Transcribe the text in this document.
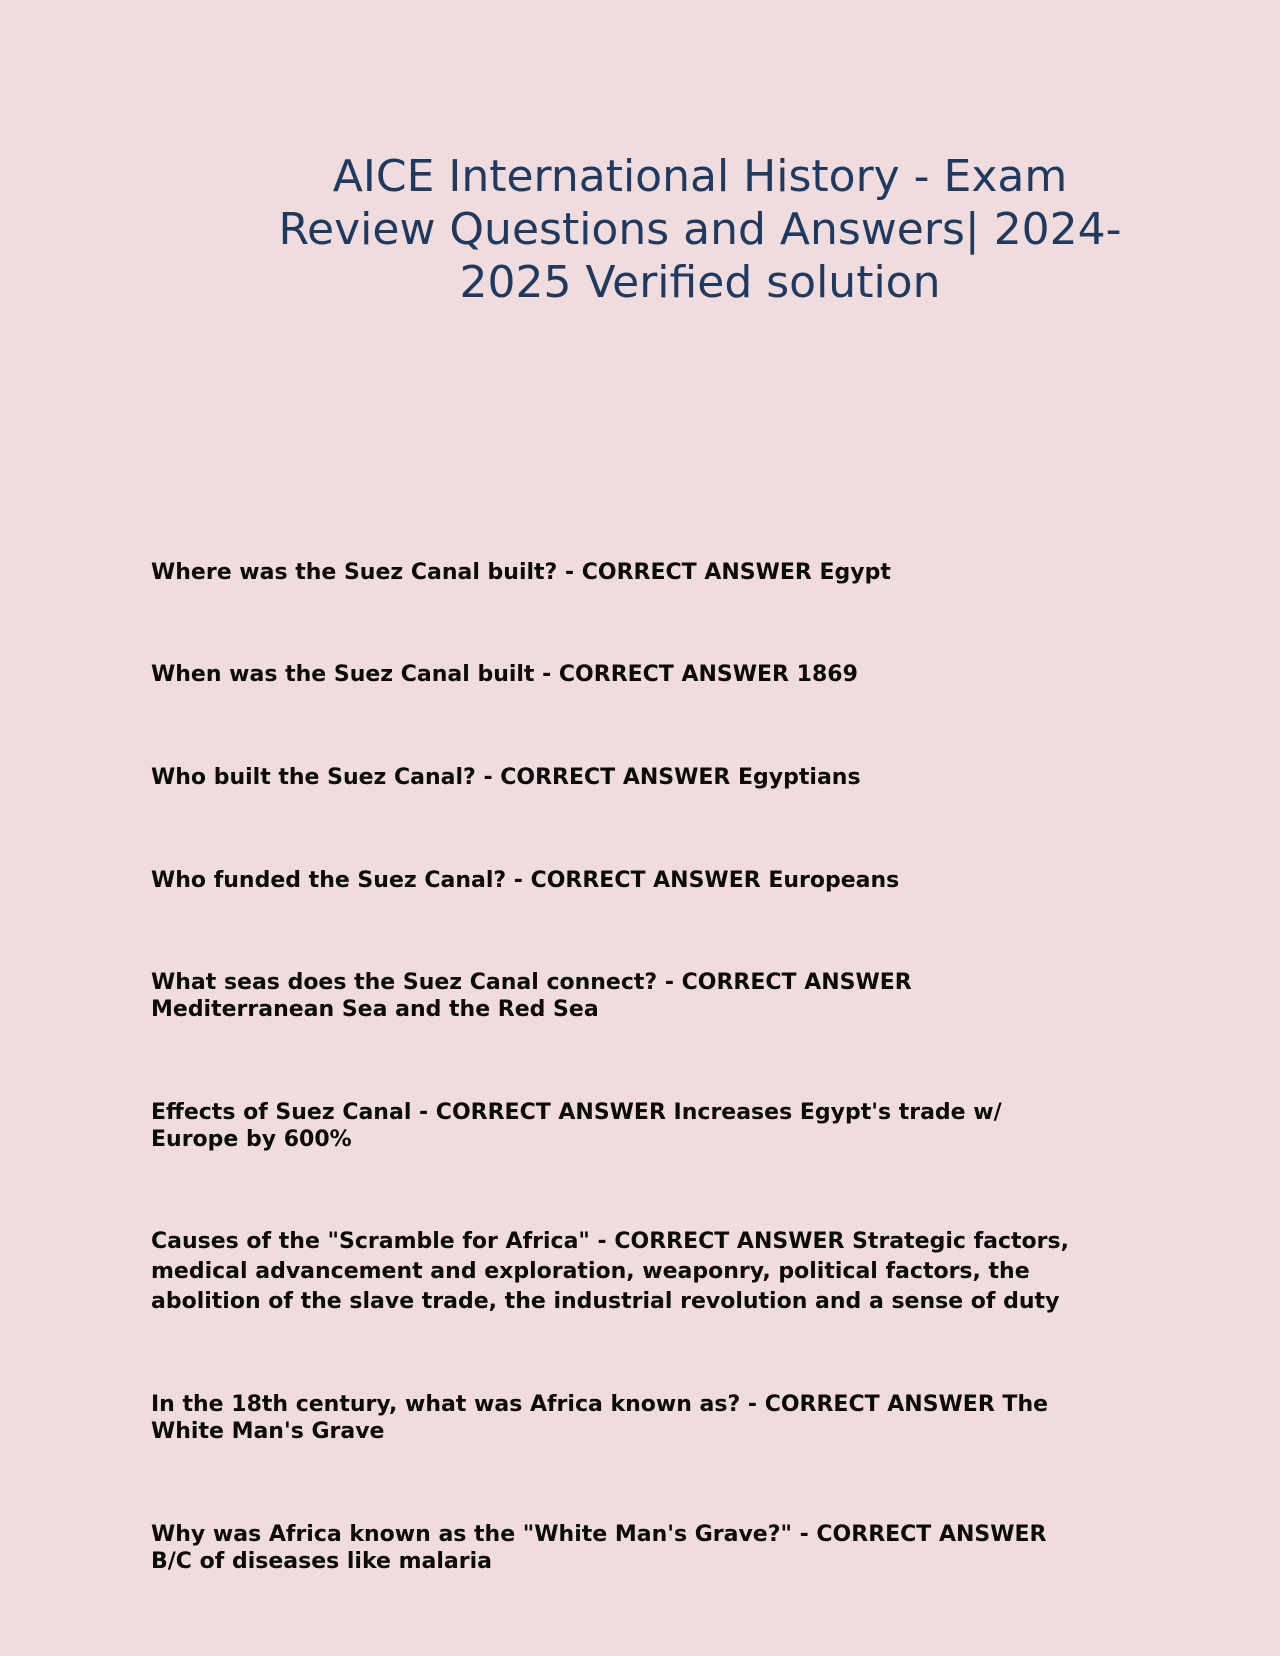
AICE International History - Exam
Review Questions and Answers| 2024-
2025 Verified solution

Where was the Suez Canal built? - CORRECT ANSWER Egypt

When was the Suez Canal built - CORRECT ANSWER 1869

Who built the Suez Canal? - CORRECT ANSWER Egyptians

Who funded the Suez Canal? - CORRECT ANSWER Europeans

What seas does the Suez Canal connect? - CORRECT ANSWER
Mediterranean Sea and the Red Sea

Effects of Suez Canal - CORRECT ANSWER Increases Egypt's trade w/
Europe by 600%

Causes of the "Scramble for Africa" - CORRECT ANSWER Strategic factors,
medical advancement and exploration, weaponry, political factors, the
abolition of the slave trade, the industrial revolution and a sense of duty

In the 18th century, what was Africa known as? - CORRECT ANSWER The
White Man's Grave

Why was Africa known as the "White Man's Grave?" - CORRECT ANSWER
B/C of diseases like malaria
